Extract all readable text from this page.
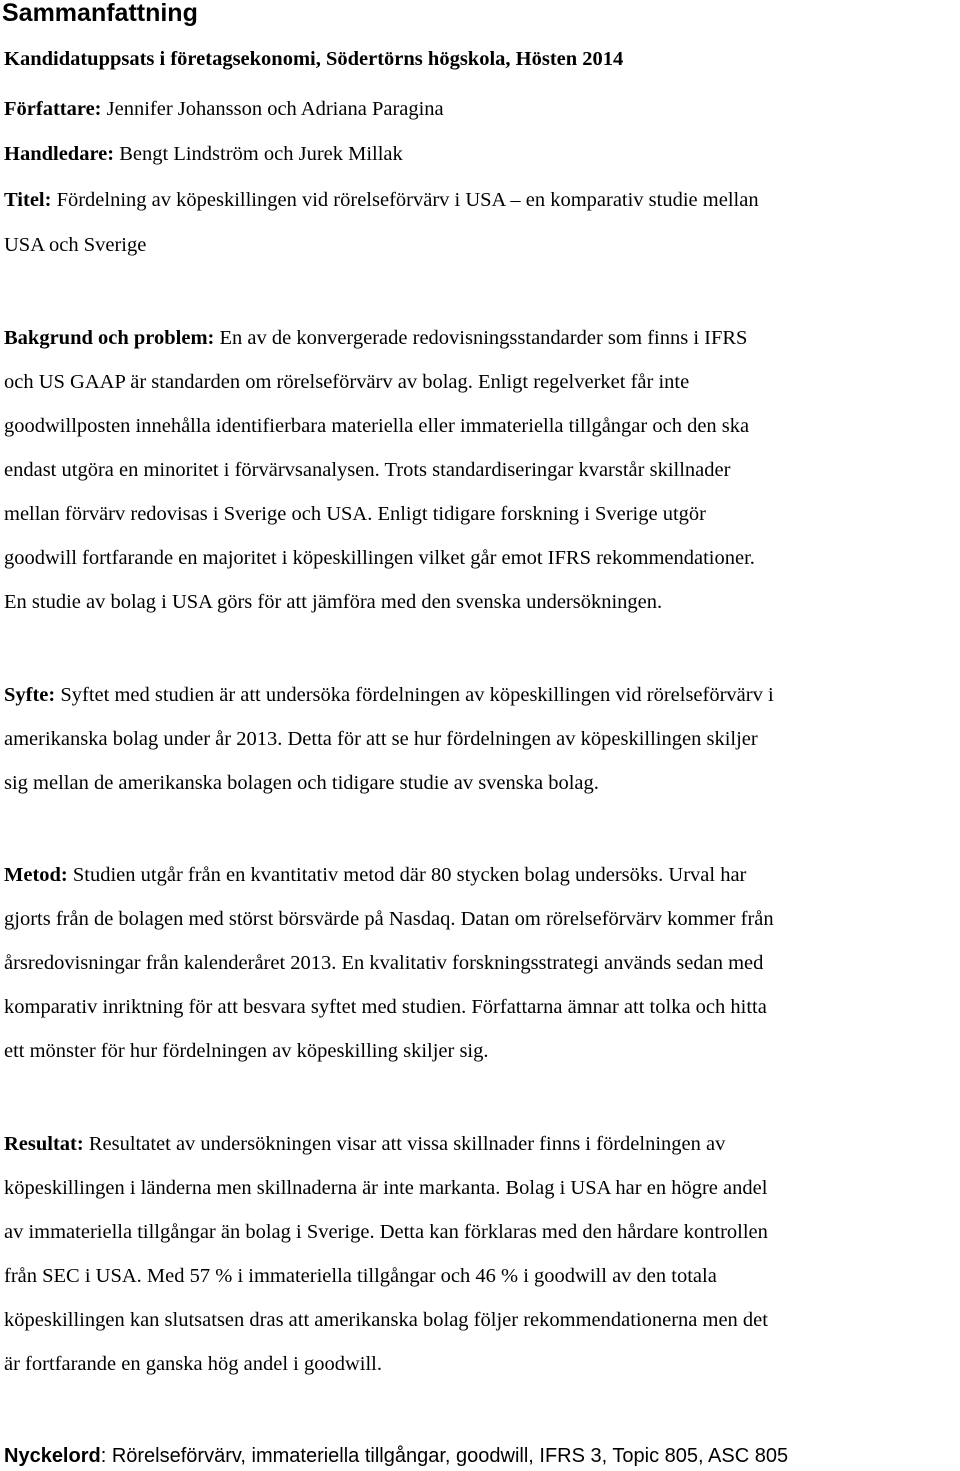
Sammanfattning

Kandidatuppsats i företagsekonomi, Södertörns högskola, Hösten 2014

Författare: Jennifer Johansson och Adriana Paragina

Handledare: Bengt Lindström och Jurek Millak

Titel: Fördelning av köpeskillingen vid rörelseförvärv i USA – en komparativ studie mellan

USA och Sverige

Bakgrund och problem: En av de konvergerade redovisningsstandarder som finns i IFRS

och US GAAP är standarden om rörelseförvärv av bolag. Enligt regelverket får inte

goodwillposten innehålla identifierbara materiella eller immateriella tillgångar och den ska

endast utgöra en minoritet i förvärvsanalysen. Trots standardiseringar kvarstår skillnader

mellan förvärv redovisas i Sverige och USA. Enligt tidigare forskning i Sverige utgör

goodwill fortfarande en majoritet i köpeskillingen vilket går emot IFRS rekommendationer.

En studie av bolag i USA görs för att jämföra med den svenska undersökningen.

Syfte: Syftet med studien är att undersöka fördelningen av köpeskillingen vid rörelseförvärv i

amerikanska bolag under år 2013. Detta för att se hur fördelningen av köpeskillingen skiljer

sig mellan de amerikanska bolagen och tidigare studie av svenska bolag.

Metod: Studien utgår från en kvantitativ metod där 80 stycken bolag undersöks. Urval har

gjorts från de bolagen med störst börsvärde på Nasdaq. Datan om rörelseförvärv kommer från

årsredovisningar från kalenderåret 2013. En kvalitativ forskningsstrategi används sedan med

komparativ inriktning för att besvara syftet med studien. Författarna ämnar att tolka och hitta

ett mönster för hur fördelningen av köpeskilling skiljer sig.

Resultat: Resultatet av undersökningen visar att vissa skillnader finns i fördelningen av

köpeskillingen i länderna men skillnaderna är inte markanta. Bolag i USA har en högre andel

av immateriella tillgångar än bolag i Sverige. Detta kan förklaras med den hårdare kontrollen

från SEC i USA. Med 57 % i immateriella tillgångar och 46 % i goodwill av den totala

köpeskillingen kan slutsatsen dras att amerikanska bolag följer rekommendationerna men det

är fortfarande en ganska hög andel i goodwill.

Nyckelord: Rörelseförvärv, immateriella tillgångar, goodwill, IFRS 3, Topic 805, ASC 805
